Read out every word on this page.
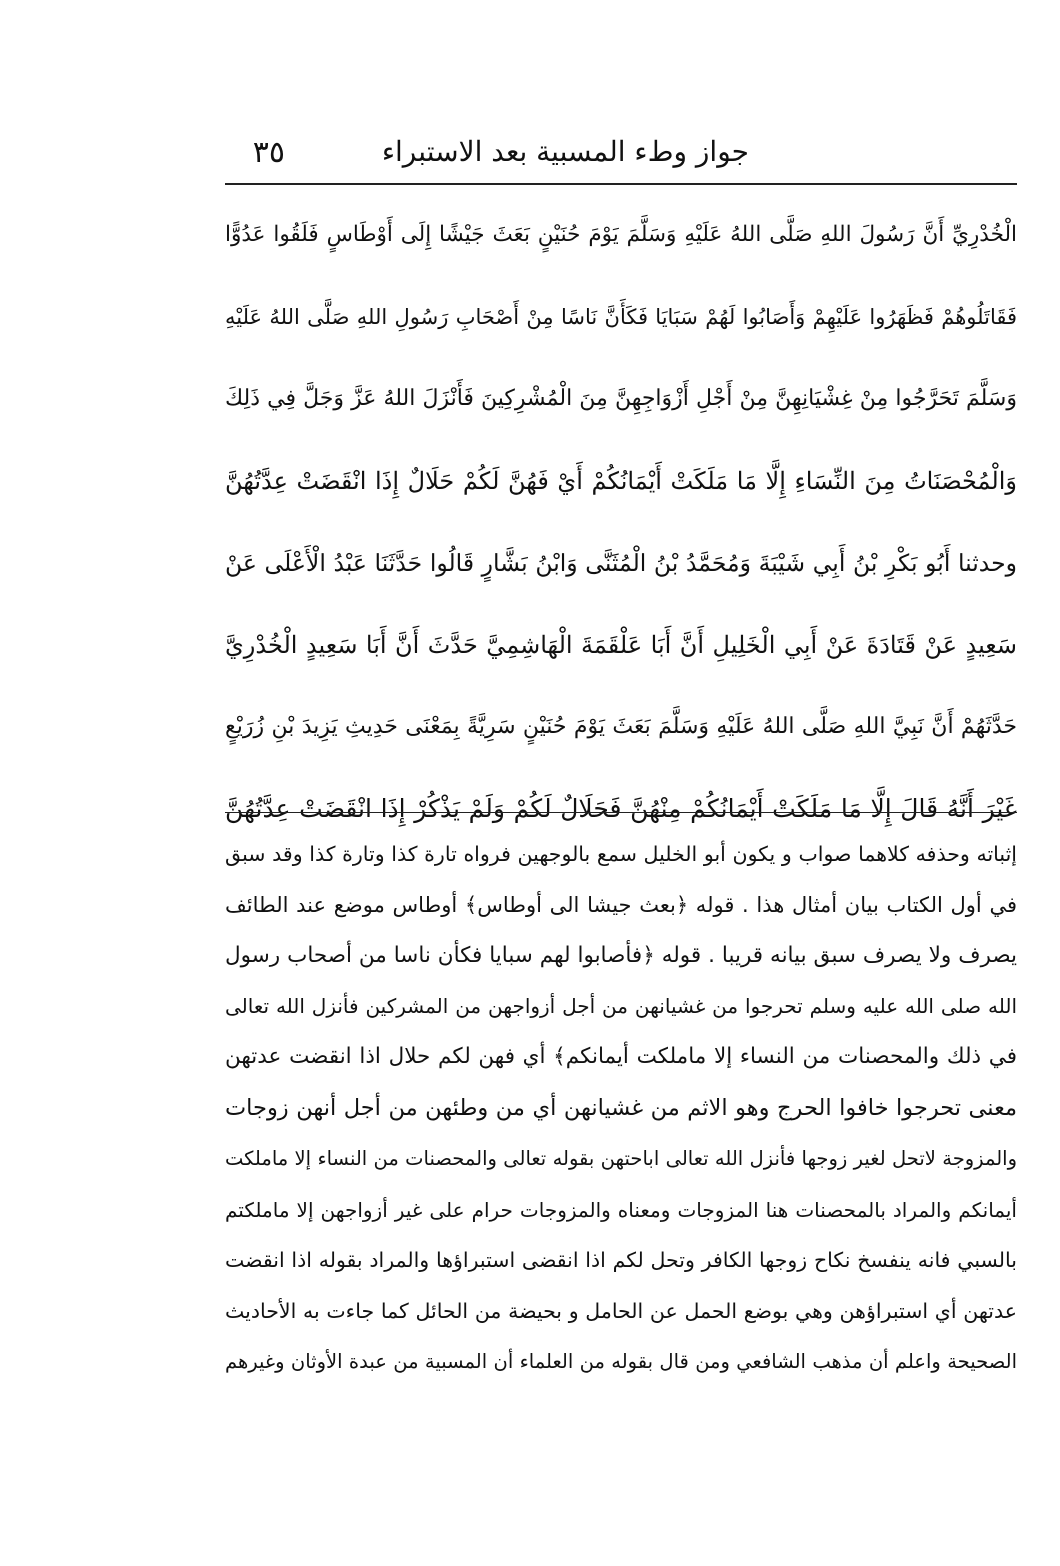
جواز وطء المسبية بعد الاستبراء
٣٥
الْخُدْرِيِّ أَنَّ رَسُولَ اللهِ صَلَّى اللهُ عَلَيْهِ وَسَلَّمَ يَوْمَ حُنَيْنٍ بَعَثَ جَيْشًا إِلَى أَوْطَاسٍ فَلَقُوا عَدُوًّا
فَقَاتَلُوهُمْ فَظَهَرُوا عَلَيْهِمْ وَأَصَابُوا لَهُمْ سَبَايَا فَكَأَنَّ نَاسًا مِنْ أَصْحَابِ رَسُولِ اللهِ صَلَّى اللهُ عَلَيْهِ
وَسَلَّمَ تَحَرَّجُوا مِنْ غِشْيَانِهِنَّ مِنْ أَجْلِ أَزْوَاجِهِنَّ مِنَ الْمُشْرِكِينَ فَأَنْزَلَ اللهُ عَزَّ وَجَلَّ فِي ذَلِكَ
وَالْمُحْصَنَاتُ مِنَ النِّسَاءِ إِلَّا مَا مَلَكَتْ أَيْمَانُكُمْ أَيْ فَهُنَّ لَكُمْ حَلَالٌ إِذَا انْقَضَتْ عِدَّتُهُنَّ
وحدثنا أَبُو بَكْرِ بْنُ أَبِي شَيْبَةَ وَمُحَمَّدُ بْنُ الْمُثَنَّى وَابْنُ بَشَّارٍ قَالُوا حَدَّثَنَا عَبْدُ الْأَعْلَى عَنْ
سَعِيدٍ عَنْ قَتَادَةَ عَنْ أَبِي الْخَلِيلِ أَنَّ أَبَا عَلْقَمَةَ الْهَاشِمِيَّ حَدَّثَ أَنَّ أَبَا سَعِيدٍ الْخُدْرِيَّ
حَدَّثَهُمْ أَنَّ نَبِيَّ اللهِ صَلَّى اللهُ عَلَيْهِ وَسَلَّمَ بَعَثَ يَوْمَ حُنَيْنٍ سَرِيَّةً بِمَعْنَى حَدِيثِ يَزِيدَ بْنِ زُرَيْعٍ
غَيْرَ أَنَّهُ قَالَ إِلَّا مَا مَلَكَتْ أَيْمَانُكُمْ مِنْهُنَّ فَحَلَالٌ لَكُمْ وَلَمْ يَذْكُرْ إِذَا انْقَضَتْ عِدَّتُهُنَّ
إثباته وحذفه كلاهما صواب و يكون أبو الخليل سمع بالوجهين فرواه تارة كذا وتارة كذا وقد سبق
في أول الكتاب بيان أمثال هذا . قوله ﴿بعث جيشا الى أوطاس﴾ أوطاس موضع عند الطائف
يصرف ولا يصرف سبق بيانه قريبا . قوله ﴿فأصابوا لهم سبايا فكأن ناسا من أصحاب رسول
الله صلى الله عليه وسلم تحرجوا من غشيانهن من أجل أزواجهن من المشركين فأنزل الله تعالى
في ذلك والمحصنات من النساء إلا ماملكت أيمانكم﴾ أي فهن لكم حلال اذا انقضت عدتهن
معنى تحرجوا خافوا الحرج وهو الاثم من غشيانهن أي من وطئهن من أجل أنهن زوجات
والمزوجة لاتحل لغير زوجها فأنزل الله تعالى اباحتهن بقوله تعالى والمحصنات من النساء إلا ماملكت
أيمانكم والمراد بالمحصنات هنا المزوجات ومعناه والمزوجات حرام على غير أزواجهن إلا ماملكتم
بالسبي فانه ينفسخ نكاح زوجها الكافر وتحل لكم اذا انقضى استبراؤها والمراد بقوله اذا انقضت
عدتهن أي استبراؤهن وهي بوضع الحمل عن الحامل و بحيضة من الحائل كما جاءت به الأحاديث
الصحيحة واعلم أن مذهب الشافعي ومن قال بقوله من العلماء أن المسبية من عبدة الأوثان وغيرهم
